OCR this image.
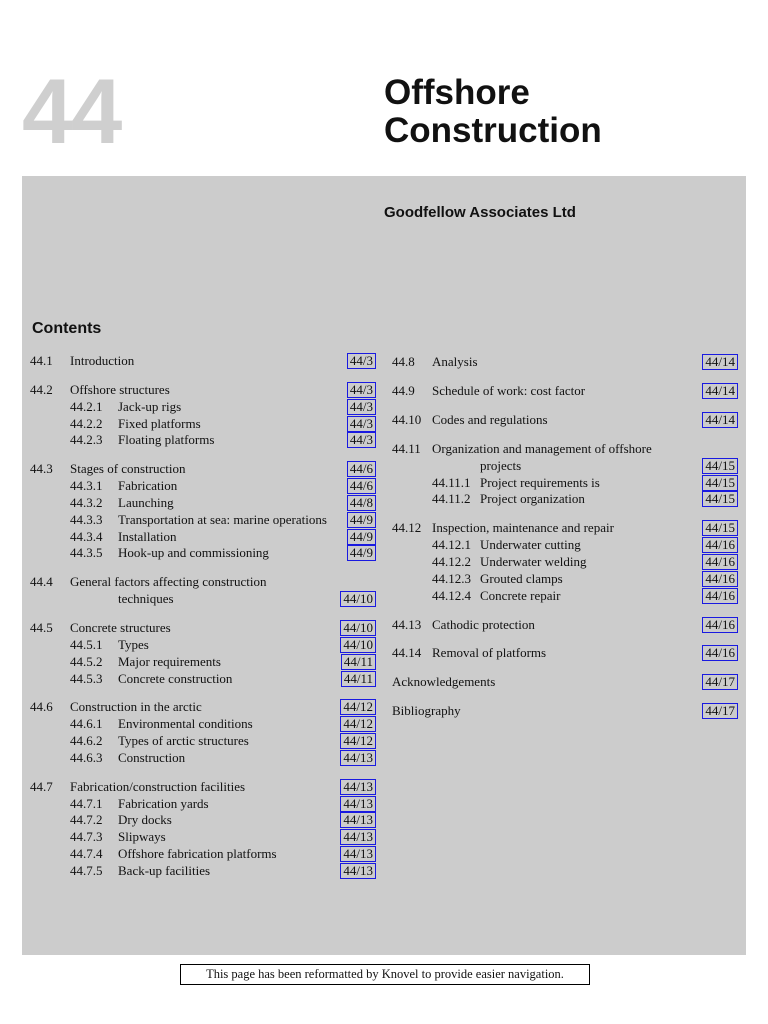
44	Offshore
Construction
Goodfellow Associates Ltd
Contents
44.1 Introduction	44/3
44.2 Offshore structures	44/3
44.2.1 Jack-up rigs	44/3
44.2.2 Fixed platforms	44/3
44.2.3 Floating platforms	44/3
44.3 Stages of construction	44/6
44.3.1 Fabrication	44/6
44.3.2 Launching	44/8
44.3.3 Transportation at sea: marine operations 44/9
44.3.4 Installation	44/9
44.3.5 Hook-up and commissioning	44/9
44.4 General factors affecting construction
techniques	44/10
44.5 Concrete structures	44/10
44.5.1 Types	44/10
44.5.2 Major requirements	44/11
44.5.3 Concrete construction	44/11
44.6 Construction in the arctic	44/12
44.6.1 Environmental conditions	44/12
44.6.2 Types of arctic structures	44/12
44.6.3 Construction	44/13
44.7 Fabrication/construction facilities	44/13
44.7.1 Fabrication yards	44/13
44.7.2 Dry docks	44/13
44.7.3 Slipways	44/13
44.7.4 Offshore fabrication platforms	44/13
44.7.5 Back-up facilities	44/13
44.8 Analysis	44/14
44.9 Schedule of work: cost factor	44/14
44.10 Codes and regulations	44/14
44.11 Organization and management of offshore
projects	44/15
44.11.1 Project requirements is	44/15
44.11.2 Project organization	44/15
44.12 Inspection, maintenance and repair	44/15
44.12.1 Underwater cutting	44/16
44.12.2 Underwater welding	44/16
44.12.3 Grouted clamps	44/16
44.12.4 Concrete repair	44/16
44.13 Cathodic protection	44/16
44.14 Removal of platforms	44/16
Acknowledgements	44/17
Bibliography	44/17
This page has been reformatted by Knovel to provide easier navigation.
